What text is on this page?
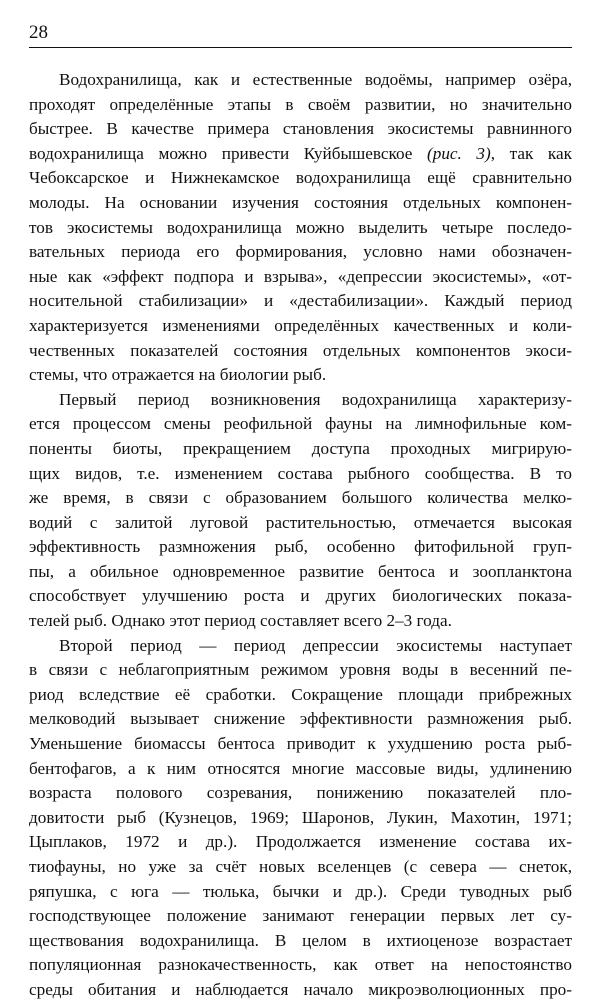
28
Водохранилища, как и естественные водоёмы, например озёра,
проходят определённые этапы в своём развитии, но значительно
быстрее. В качестве примера становления экосистемы равнинного
водохранилища можно привести Куйбышевское (рис. 3), так как
Чебоксарское и Нижнекамское водохранилища ещё сравнительно
молоды. На основании изучения состояния отдельных компонен-
тов экосистемы водохранилища можно выделить четыре последо-
вательных периода его формирования, условно нами обозначен-
ные как «эффект подпора и взрыва», «депрессии экосистемы», «от-
носительной стабилизации» и «дестабилизации». Каждый период
характеризуется изменениями определённых качественных и коли-
чественных показателей состояния отдельных компонентов экоси-
стемы, что отражается на биологии рыб.
Первый период возникновения водохранилища характеризу-
ется процессом смены реофильной фауны на лимнофильные ком-
поненты биоты, прекращением доступа проходных мигрирую-
щих видов, т.е. изменением состава рыбного сообщества. В то
же время, в связи с образованием большого количества мелко-
водий с залитой луговой растительностью, отмечается высокая
эффективность размножения рыб, особенно фитофильной груп-
пы, а обильное одновременное развитие бентоса и зоопланктона
способствует улучшению роста и других биологических показа-
телей рыб. Однако этот период составляет всего 2–3 года.
Второй период — период депрессии экосистемы наступает
в связи с неблагоприятным режимом уровня воды в весенний пе-
риод вследствие её сработки. Сокращение площади прибрежных
мелководий вызывает снижение эффективности размножения рыб.
Уменьшение биомассы бентоса приводит к ухудшению роста рыб-
бентофагов, а к ним относятся многие массовые виды, удлинению
возраста полового созревания, понижению показателей пло-
довитости рыб (Кузнецов, 1969; Шаронов, Лукин, Махотин, 1971;
Цыплаков, 1972 и др.). Продолжается изменение состава их-
тиофауны, но уже за счёт новых вселенцев (с севера — снеток,
ряпушка, с юга — тюлька, бычки и др.). Среди туводных рыб
господствующее положение занимают генерации первых лет су-
ществования водохранилища. В целом в ихтиоценозе возрастает
популяционная разнокачественность, как ответ на непостоянство
среды обитания и наблюдается начало микроэволюционных про-
